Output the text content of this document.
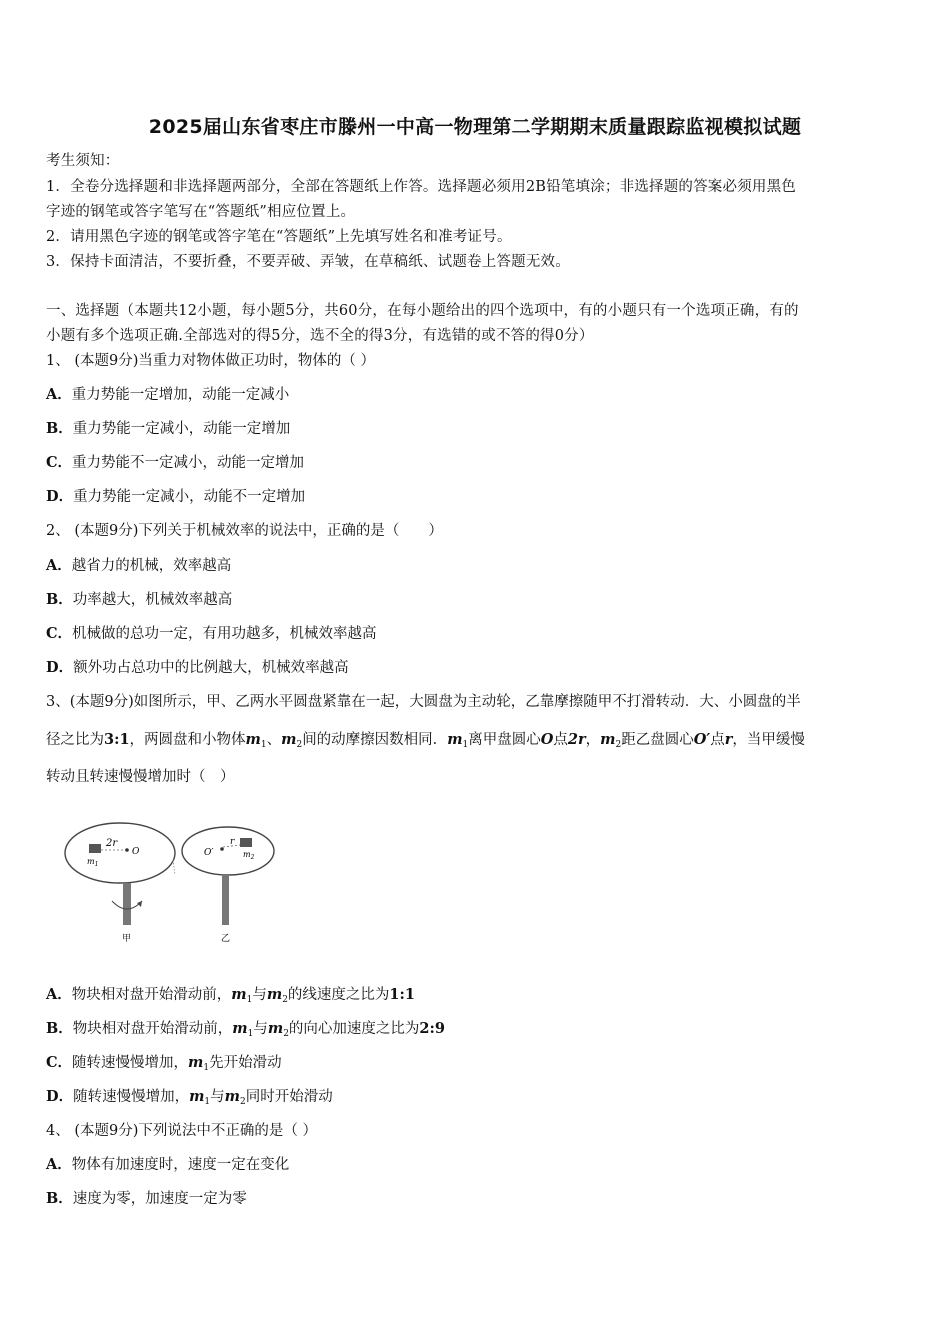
2025届山东省枣庄市滕州一中高一物理第二学期期末质量跟踪监视模拟试题
考生须知：
1．全卷分选择题和非选择题两部分，全部在答题纸上作答。选择题必须用2B铅笔填涂；非选择题的答案必须用黑色
字迹的钢笔或答字笔写在“答题纸”相应位置上。
2．请用黑色字迹的钢笔或答字笔在“答题纸”上先填写姓名和准考证号。
3．保持卡面清洁，不要折叠，不要弄破、弄皱，在草稿纸、试题卷上答题无效。
一、选择题（本题共12小题，每小题5分，共60分，在每小题给出的四个选项中，有的小题只有一个选项正确，有的
小题有多个选项正确.全部选对的得5分，选不全的得3分，有选错的或不答的得0分）
1、 (本题9分)当重力对物体做正功时，物体的（ ）
A．重力势能一定增加，动能一定减小
B．重力势能一定减小，动能一定增加
C．重力势能不一定减小，动能一定增加
D．重力势能一定减小，动能不一定增加
2、 (本题9分)下列关于机械效率的说法中，正确的是（　　）
A．越省力的机械，效率越高
B．功率越大，机械效率越高
C．机械做的总功一定，有用功越多，机械效率越高
D．额外功占总功中的比例越大，机械效率越高
3、(本题9分)如图所示，甲、乙两水平圆盘紧靠在一起，大圆盘为主动轮，乙靠摩擦随甲不打滑转动．大、小圆盘的半
径之比为3:1，两圆盘和小物体$m_1$、$m_2$间的动摩擦因数相同．$m_1$离甲盘圆心O点2r，$m_2$距乙盘圆心O′点r，当甲缓慢
转动且转速慢慢增加时（　）
2r
O
$m_1$
O′
r
$m_2$
甲	乙
A．物块相对盘开始滑动前，$m_1$与$m_2$的线速度之比为1:1
B．物块相对盘开始滑动前，$m_1$与$m_2$的向心加速度之比为2:9
C．随转速慢慢增加，$m_1$先开始滑动
D．随转速慢慢增加，$m_1$与$m_2$同时开始滑动
4、 (本题9分)下列说法中不正确的是（ ）
A．物体有加速度时，速度一定在变化
B．速度为零，加速度一定为零
